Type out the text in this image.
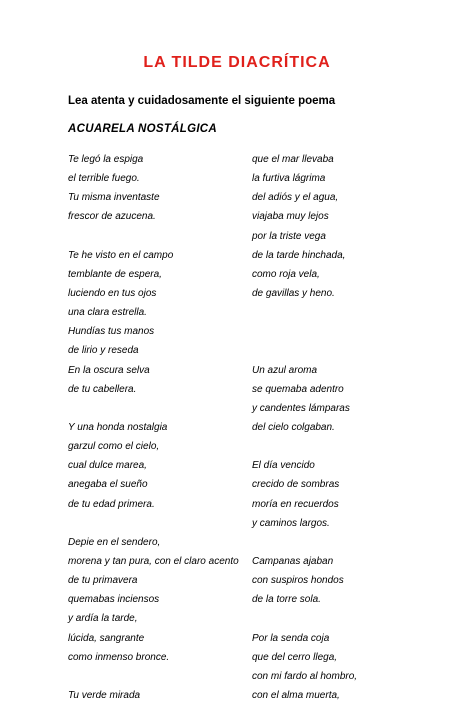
LA TILDE DIACRÍTICA
Lea atenta y cuidadosamente el siguiente poema
ACUARELA NOSTÁLGICA
Te legó la espiga
el terrible fuego.
Tu misma inventaste
frescor de azucena.
Te he visto en el campo
temblante de espera,
luciendo en tus ojos
una clara estrella.
Hundías tus manos
de lirio y reseda
En la oscura selva
de tu cabellera.
Y una honda nostalgia
garzul como el cielo,
cual dulce marea,
anegaba el sueño
de tu edad primera.
Depie en el sendero,
morena y tan pura, con el claro acento
de tu primavera
quemabas inciensos
y ardía la tarde,
lúcida, sangrante
como inmenso bronce.
Tu verde mirada
que el mar llevaba
la furtiva lágrima
del adiós y el agua,
viajaba muy lejos
por la triste vega
de la tarde hinchada,
como roja vela,
de gavillas y heno.
Un azul aroma
se quemaba adentro
y candentes lámparas
del cielo colgaban.
El día vencido
crecido de sombras
moría en recuerdos
y caminos largos.
Campanas ajaban
con suspiros hondos
de la torre sola.
Por la senda coja
que del cerro llega,
con mi fardo al hombro,
con el alma muerta,
